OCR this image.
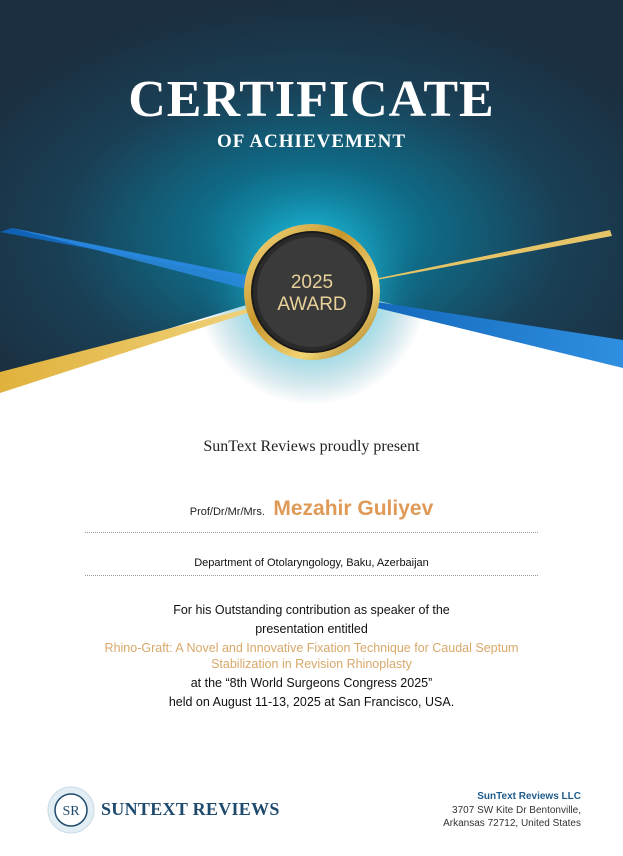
CERTIFICATE
OF ACHIEVEMENT
2025
AWARD
SunText Reviews proudly present
Prof/Dr/Mr/Mrs. Mezahir Guliyev
Department of Otolaryngology, Baku, Azerbaijan
For his Outstanding contribution as speaker of the
presentation entitled
Rhino-Graft: A Novel and Innovative Fixation Technique for Caudal Septum
Stabilization in Revision Rhinoplasty
at the “8th World Surgeons Congress 2025”
held on August 11-13, 2025 at San Francisco, USA.
SR SUNTEXT REVIEWS
SunText Reviews LLC
3707 SW Kite Dr Bentonville,
Arkansas 72712, United States
